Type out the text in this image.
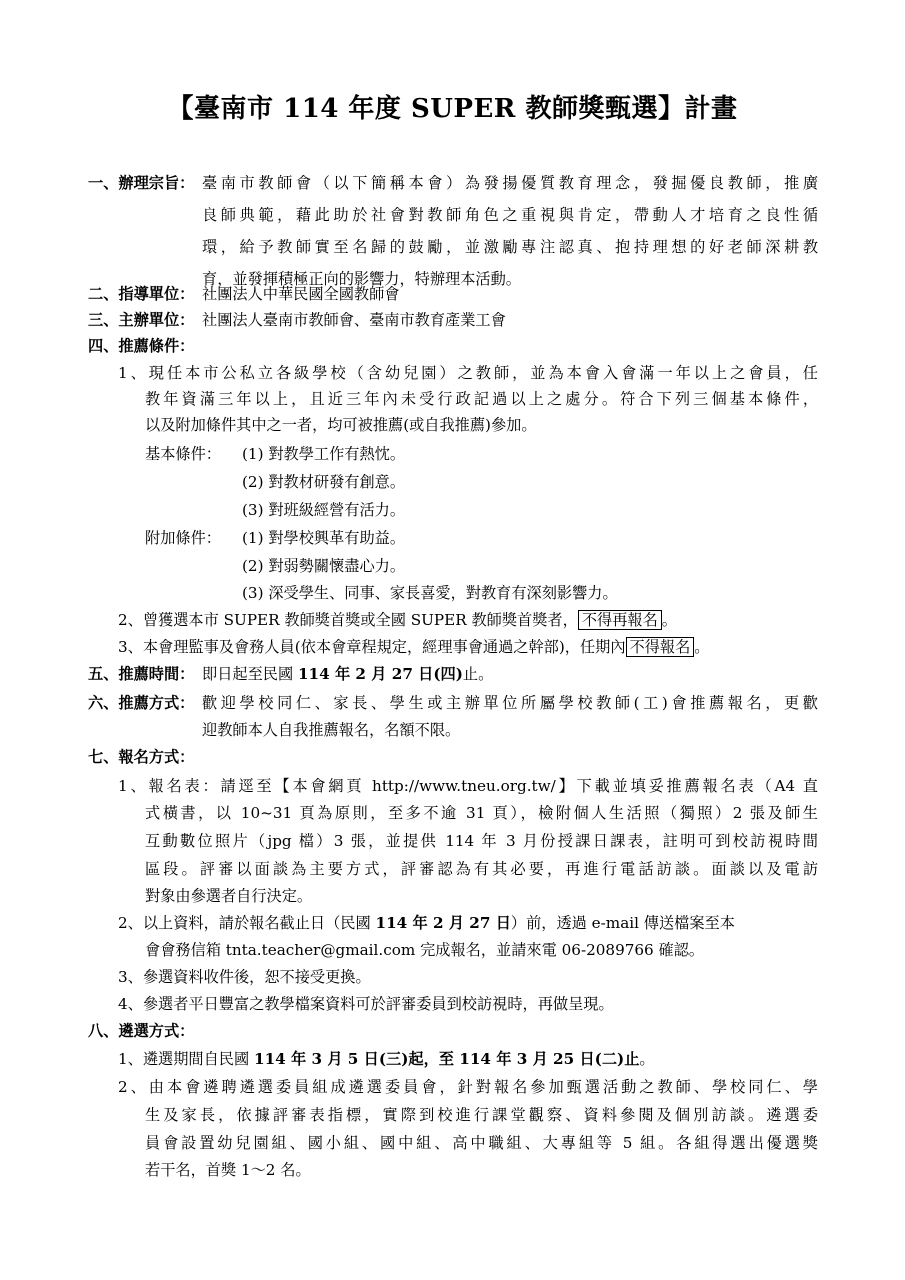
【臺南市 114 年度 SUPER 教師獎甄選】計畫
一、辦理宗旨： 臺南市教師會（以下簡稱本會）為發揚優質教育理念，發掘優良教師，推廣
良師典範，藉此助於社會對教師角色之重視與肯定，帶動人才培育之良性循
環，給予教師實至名歸的鼓勵，並激勵專注認真、抱持理想的好老師深耕教
育，並發揮積極正向的影響力，特辦理本活動。
二、指導單位： 社團法人中華民國全國教師會
三、主辦單位： 社團法人臺南市教師會、臺南市教育產業工會
四、推薦條件：
1、現任本市公私立各級學校（含幼兒園）之教師，並為本會入會滿一年以上之會員，任
教年資滿三年以上，且近三年內未受行政記過以上之處分。符合下列三個基本條件，
以及附加條件其中之一者，均可被推薦(或自我推薦)參加。
基本條件： (1) 對教學工作有熱忱。
(2) 對教材研發有創意。
(3) 對班級經營有活力。
附加條件： (1) 對學校興革有助益。
(2) 對弱勢關懷盡心力。
(3) 深受學生、同事、家長喜愛，對教育有深刻影響力。
2、曾獲選本市 SUPER 教師獎首獎或全國 SUPER 教師獎首獎者， 不得再報名 。
3、本會理監事及會務人員(依本會章程規定，經理事會通過之幹部)，任期內 不得報名 。
五、推薦時間： 即日起至民國 114 年 2 月 27 日(四)止。
六、推薦方式： 歡迎學校同仁、家長、學生或主辦單位所屬學校教師(工)會推薦報名，更歡
迎教師本人自我推薦報名，名額不限。
七、報名方式：
1、報名表：請逕至【本會網頁 http://www.tneu.org.tw/】下載並填妥推薦報名表（A4 直
式橫書，以 10~31 頁為原則，至多不逾 31 頁），檢附個人生活照（獨照）2 張及師生
互動數位照片（jpg 檔）3 張，並提供 114 年 3 月份授課日課表，註明可到校訪視時間
區段。評審以面談為主要方式，評審認為有其必要，再進行電話訪談。面談以及電訪
對象由參選者自行決定。
2、以上資料，請於報名截止日（民國 114 年 2 月 27 日）前，透過 e-mail 傳送檔案至本
會會務信箱 tnta.teacher@gmail.com 完成報名，並請來電 06-2089766 確認。
3、參選資料收件後，恕不接受更換。
4、參選者平日豐富之教學檔案資料可於評審委員到校訪視時，再做呈現。
八、遴選方式：
1、遴選期間自民國 114 年 3 月 5 日(三)起，至 114 年 3 月 25 日(二)止。
2、由本會遴聘遴選委員組成遴選委員會，針對報名參加甄選活動之教師、學校同仁、學
生及家長，依據評審表指標，實際到校進行課堂觀察、資料參閱及個別訪談。遴選委
員會設置幼兒園組、國小組、國中組、高中職組、大專組等 5 組。各組得選出優選獎
若干名，首獎 1～2 名。
